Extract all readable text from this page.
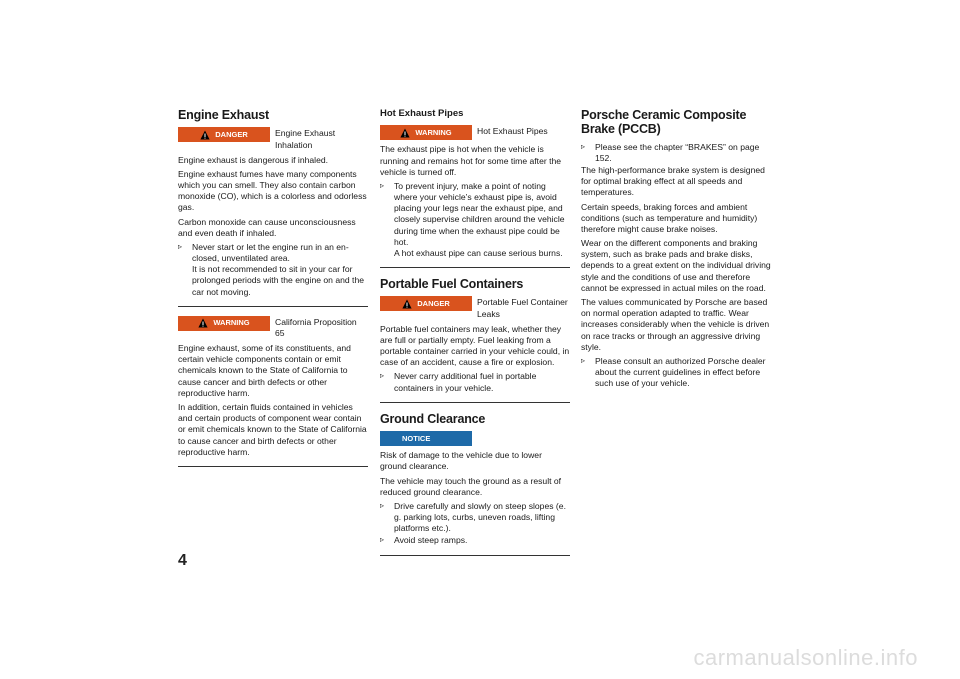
Engine Exhaust
DANGER	Engine Exhaust Inhalation

Engine exhaust is dangerous if inhaled.

Engine exhaust fumes have many components which you can smell. They also contain carbon monoxide (CO), which is a colorless and odorless gas.

Carbon monoxide can cause unconsciousness and even death if inhaled.

▹	Never start or let the engine run in an en-closed, unventilated area.
It is not recommended to sit in your car for prolonged periods with the engine on and the car not moving.
WARNING	California Proposition 65

Engine exhaust, some of its constituents, and certain vehicle components contain or emit chemicals known to the State of California to cause cancer and birth defects or other reproductive harm.

In addition, certain fluids contained in vehicles and certain products of component wear contain or emit chemicals known to the State of California to cause cancer and birth defects or other reproductive harm.

Hot Exhaust Pipes
WARNING	Hot Exhaust Pipes

The exhaust pipe is hot when the vehicle is running and remains hot for some time after the vehicle is turned off.

▹	To prevent injury, make a point of noting where your vehicle’s exhaust pipe is, avoid placing your legs near the exhaust pipe, and closely supervise children around the vehicle during time when the exhaust pipe could be hot.
A hot exhaust pipe can cause serious burns.
Portable Fuel Containers
DANGER	Portable Fuel Container Leaks

Portable fuel containers may leak, whether they are full or partially empty. Fuel leaking from a portable container carried in your vehicle could, in case of an accident, cause a fire or explosion.

▹	Never carry additional fuel in portable containers in your vehicle.
Ground Clearance
NOTICE

Risk of damage to the vehicle due to lower ground clearance.

The vehicle may touch the ground as a result of reduced ground clearance.

▹	Drive carefully and slowly on steep slopes (e. g. parking lots, curbs, uneven roads, lifting platforms etc.).
▹	Avoid steep ramps.
Porsche Ceramic Composite Brake (PCCB)
▹	Please see the chapter “BRAKES” on page 152.

The high-performance brake system is designed for optimal braking effect at all speeds and temperatures.

Certain speeds, braking forces and ambient conditions (such as temperature and humidity) therefore might cause brake noises.

Wear on the different components and braking system, such as brake pads and brake disks, depends to a great extent on the individual driving style and the conditions of use and therefore cannot be expressed in actual miles on the road.

The values communicated by Porsche are based on normal operation adapted to traffic. Wear increases considerably when the vehicle is driven on race tracks or through an aggressive driving style.

▹	Please consult an authorized Porsche dealer about the current guidelines in effect before such use of your vehicle.
4
carmanualsonline.info
